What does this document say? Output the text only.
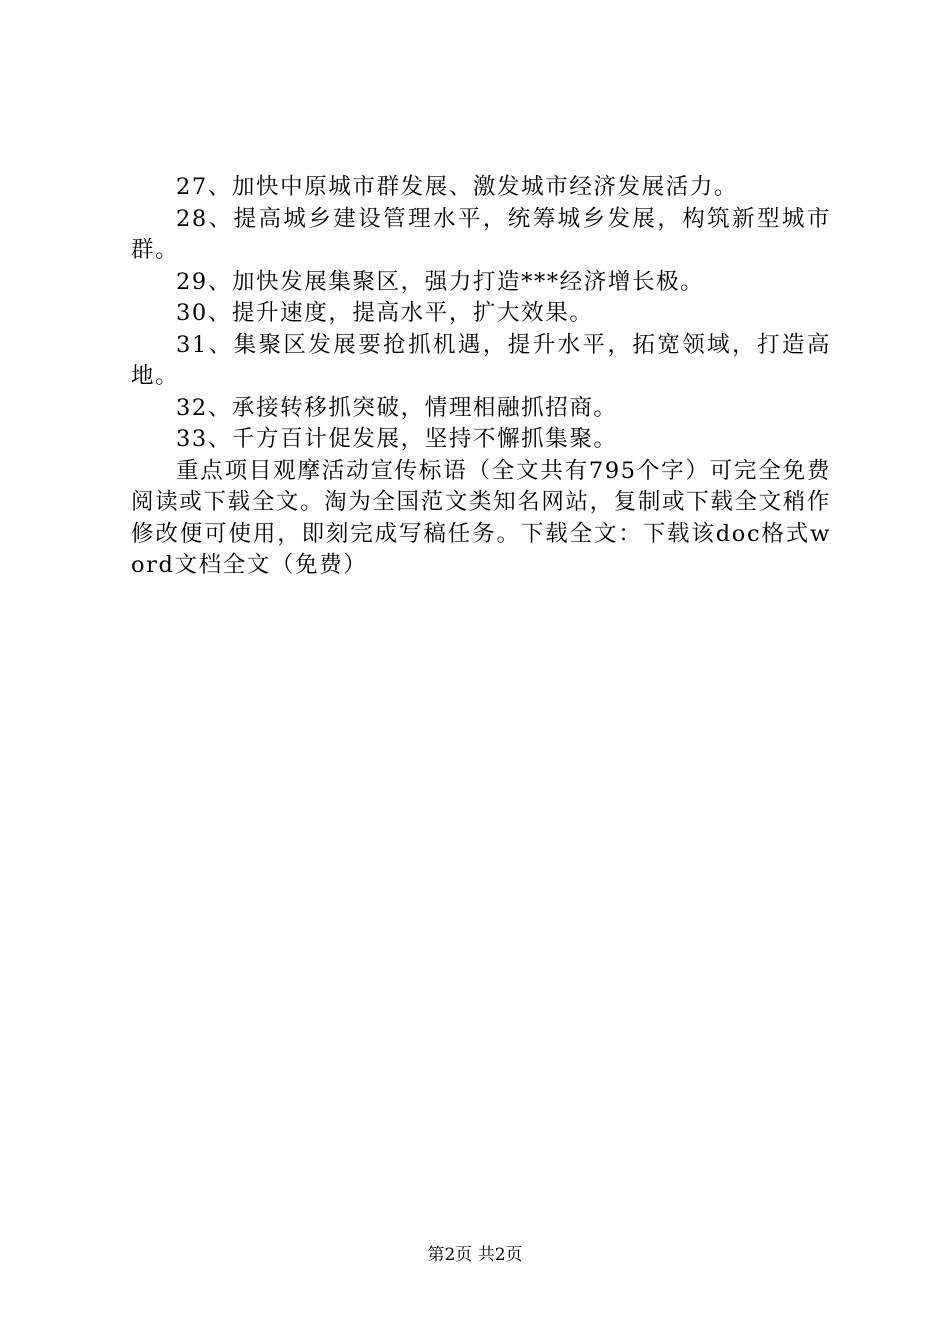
27、加快中原城市群发展、激发城市经济发展活力。

28、提高城乡建设管理水平，统筹城乡发展，构筑新型城市群。

29、加快发展集聚区，强力打造***经济增长极。

30、提升速度，提高水平，扩大效果。

31、集聚区发展要抢抓机遇，提升水平，拓宽领域，打造高地。

32、承接转移抓突破，情理相融抓招商。

33、千方百计促发展，坚持不懈抓集聚。

重点项目观摩活动宣传标语（全文共有795个字）可完全免费阅读或下载全文。淘为全国范文类知名网站，复制或下载全文稍作修改便可使用，即刻完成写稿任务。下载全文：下载该doc格式word文档全文（免费）

第2页 共2页
